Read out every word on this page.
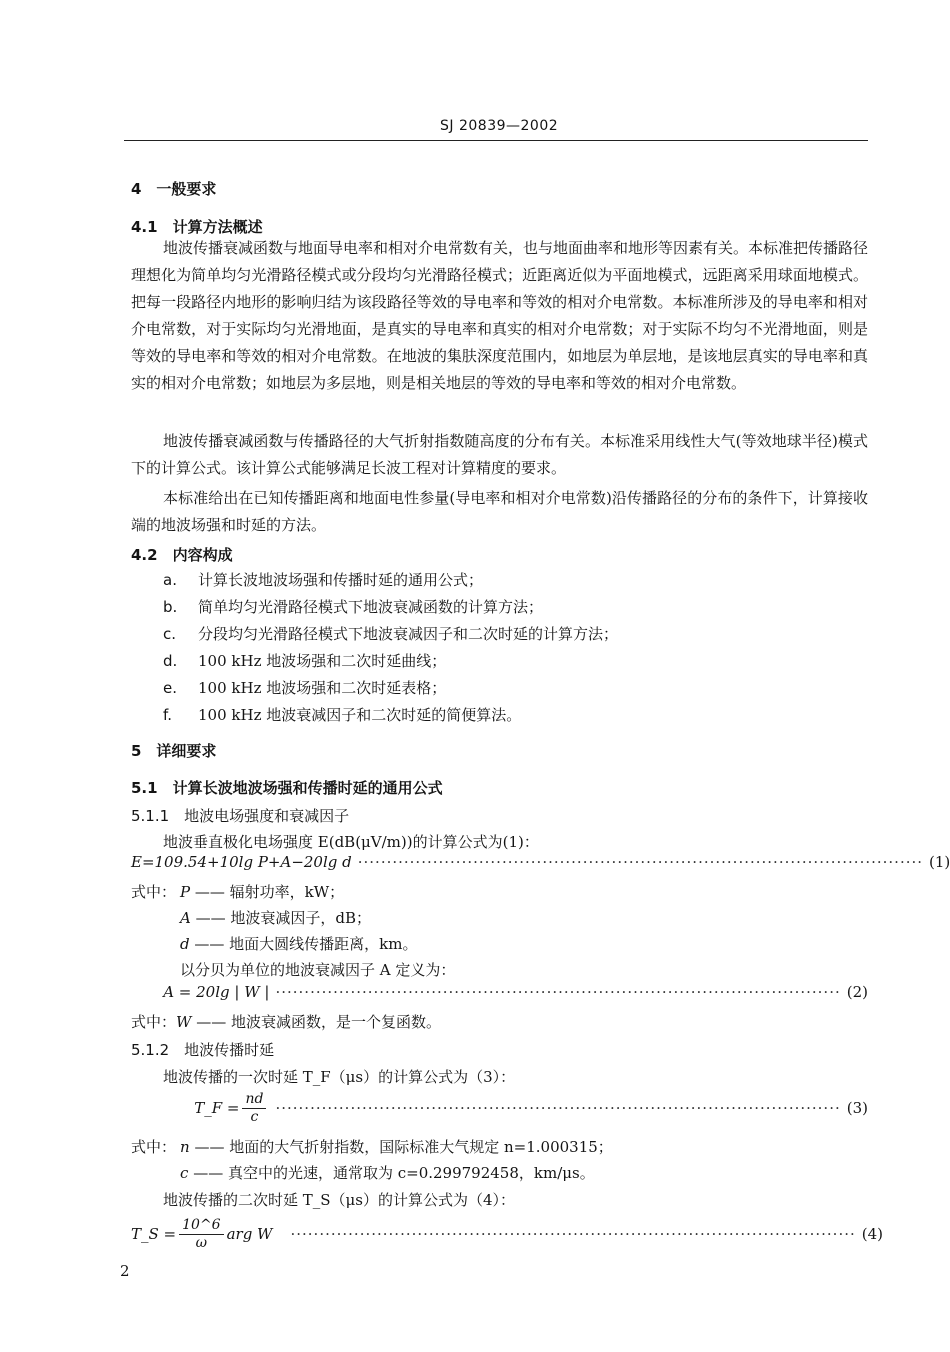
SJ 20839—2002
4　一般要求
4.1　计算方法概述
地波传播衰减函数与地面导电率和相对介电常数有关，也与地面曲率和地形等因素有关。本标准把传播路径理想化为简单均匀光滑路径模式或分段均匀光滑路径模式；近距离近似为平面地模式，远距离采用球面地模式。把每一段路径内地形的影响归结为该段路径等效的导电率和等效的相对介电常数。本标准所涉及的导电率和相对介电常数，对于实际均匀光滑地面，是真实的导电率和真实的相对介电常数；对于实际不均匀不光滑地面，则是等效的导电率和等效的相对介电常数。在地波的集肤深度范围内，如地层为单层地，是该地层真实的导电率和真实的相对介电常数；如地层为多层地，则是相关地层的等效的导电率和等效的相对介电常数。
地波传播衰减函数与传播路径的大气折射指数随高度的分布有关。本标准采用线性大气(等效地球半径)模式下的计算公式。该计算公式能够满足长波工程对计算精度的要求。
本标准给出在已知传播距离和地面电性参量(导电率和相对介电常数)沿传播路径的分布的条件下，计算接收端的地波场强和时延的方法。
4.2　内容构成
a. 计算长波地波场强和传播时延的通用公式；
b. 简单均匀光滑路径模式下地波衰减函数的计算方法；
c. 分段均匀光滑路径模式下地波衰减因子和二次时延的计算方法；
d. 100 kHz 地波场强和二次时延曲线；
e. 100 kHz 地波场强和二次时延表格；
f. 100 kHz 地波衰减因子和二次时延的简便算法。
5　详细要求
5.1　计算长波地波场强和传播时延的通用公式
5.1.1　地波电场强度和衰减因子
地波垂直极化电场强度 E(dB(μV/m))的计算公式为(1)：
E=109.54+10lg P+A−20lg d ·································································································· (1)
式中： P —— 辐射功率，kW；
A —— 地波衰减因子，dB；
d —— 地面大圆线传播距离，km。
以分贝为单位的地波衰减因子 A 定义为：
A = 20lg | W | ·································································································· (2)
式中：W —— 地波衰减函数，是一个复函数。
5.1.2　地波传播时延
地波传播的一次时延 T_F（μs）的计算公式为（3）：
T_F = $\frac{nd}{c}$ ·································································································· (3)
式中： n —— 地面的大气折射指数，国际标准大气规定 n=1.000315；
c —— 真空中的光速，通常取为 c=0.299792458，km/μs。
地波传播的二次时延 T_S（μs）的计算公式为（4）：
T_S = $\frac{10\^{}6}{\omega}$ arg W ·································································································· (4)
2
